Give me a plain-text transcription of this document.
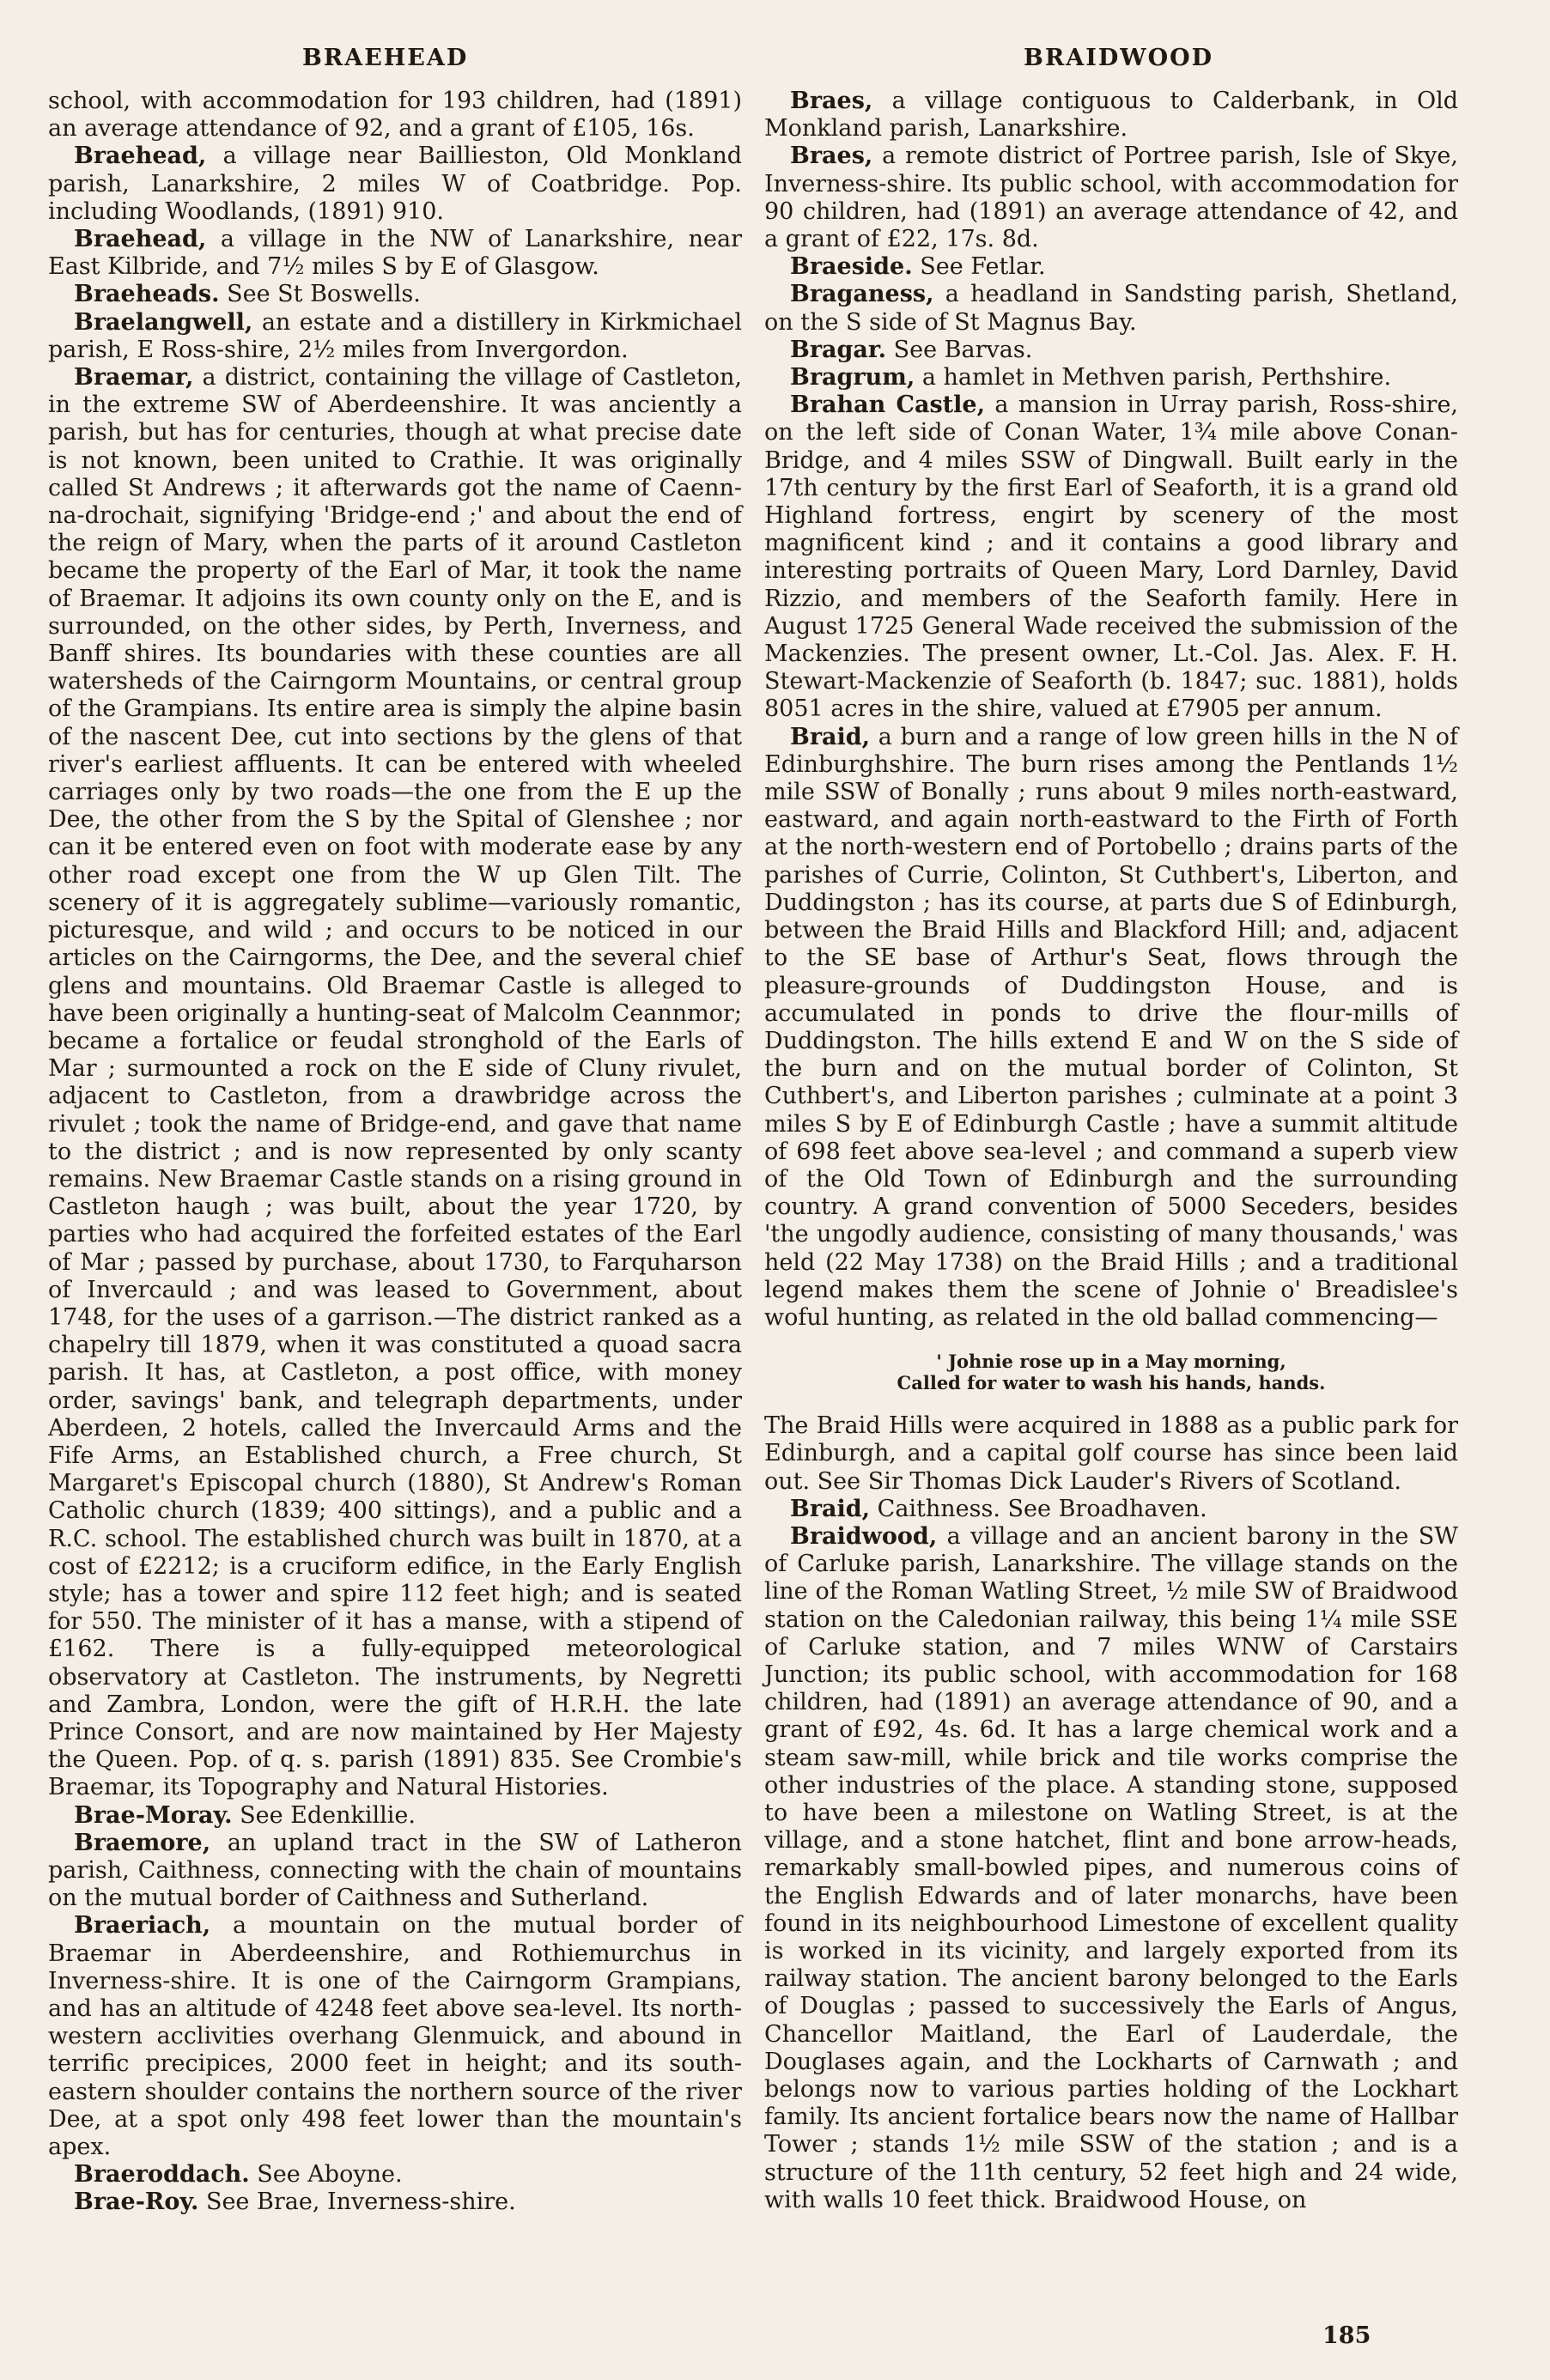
BRAEHEAD	BRAIDWOOD

school, with accommodation for 193 children, had (1891) an average attendance of 92, and a grant of £105, 16s.

Braehead, a village near Baillieston, Old Monkland parish, Lanarkshire, 2 miles W of Coatbridge. Pop. including Woodlands, (1891) 910.

Braehead, a village in the NW of Lanarkshire, near East Kilbride, and 7½ miles S by E of Glasgow.

Braeheads. See St Boswells.

Braelangwell, an estate and a distillery in Kirkmichael parish, E Ross-shire, 2½ miles from Invergordon.

Braemar, a district, containing the village of Castleton, in the extreme SW of Aberdeenshire. It was anciently a parish, but has for centuries, though at what precise date is not known, been united to Crathie. It was originally called St Andrews ; it afterwards got the name of Caenn-na-drochait, signifying 'Bridge-end ;' and about the end of the reign of Mary, when the parts of it around Castleton became the property of the Earl of Mar, it took the name of Braemar. It adjoins its own county only on the E, and is surrounded, on the other sides, by Perth, Inverness, and Banff shires. Its boundaries with these counties are all watersheds of the Cairngorm Mountains, or central group of the Grampians. Its entire area is simply the alpine basin of the nascent Dee, cut into sections by the glens of that river's earliest affluents. It can be entered with wheeled carriages only by two roads—the one from the E up the Dee, the other from the S by the Spital of Glenshee ; nor can it be entered even on foot with moderate ease by any other road except one from the W up Glen Tilt. The scenery of it is aggregately sublime—variously romantic, picturesque, and wild ; and occurs to be noticed in our articles on the Cairngorms, the Dee, and the several chief glens and mountains. Old Braemar Castle is alleged to have been originally a hunting-seat of Malcolm Ceannmor; became a fortalice or feudal stronghold of the Earls of Mar ; surmounted a rock on the E side of Cluny rivulet, adjacent to Castleton, from a drawbridge across the rivulet ; took the name of Bridge-end, and gave that name to the district ; and is now represented by only scanty remains. New Braemar Castle stands on a rising ground in Castleton haugh ; was built, about the year 1720, by parties who had acquired the forfeited estates of the Earl of Mar ; passed by purchase, about 1730, to Farquharson of Invercauld ; and was leased to Government, about 1748, for the uses of a garrison.—The district ranked as a chapelry till 1879, when it was constituted a quoad sacra parish. It has, at Castleton, a post office, with money order, savings' bank, and telegraph departments, under Aberdeen, 2 hotels, called the Invercauld Arms and the Fife Arms, an Established church, a Free church, St Margaret's Episcopal church (1880), St Andrew's Roman Catholic church (1839; 400 sittings), and a public and a R.C. school. The established church was built in 1870, at a cost of £2212; is a cruciform edifice, in the Early English style; has a tower and spire 112 feet high; and is seated for 550. The minister of it has a manse, with a stipend of £162. There is a fully-equipped meteorological observatory at Castleton. The instruments, by Negretti and Zambra, London, were the gift of H.R.H. the late Prince Consort, and are now maintained by Her Majesty the Queen. Pop. of q. s. parish (1891) 835. See Crombie's Braemar, its Topography and Natural Histories.

Brae-Moray. See Edenkillie.

Braemore, an upland tract in the SW of Latheron parish, Caithness, connecting with the chain of mountains on the mutual border of Caithness and Sutherland.

Braeriach, a mountain on the mutual border of Braemar in Aberdeenshire, and Rothiemurchus in Inverness-shire. It is one of the Cairngorm Grampians, and has an altitude of 4248 feet above sea-level. Its north-western acclivities overhang Glenmuick, and abound in terrific precipices, 2000 feet in height; and its south-eastern shoulder contains the northern source of the river Dee, at a spot only 498 feet lower than the mountain's apex.

Braeroddach. See Aboyne.

Brae-Roy. See Brae, Inverness-shire.

Braes, a village contiguous to Calderbank, in Old Monkland parish, Lanarkshire.

Braes, a remote district of Portree parish, Isle of Skye, Inverness-shire. Its public school, with accommodation for 90 children, had (1891) an average attendance of 42, and a grant of £22, 17s. 8d.

Braeside. See Fetlar.

Braganess, a headland in Sandsting parish, Shetland, on the S side of St Magnus Bay.

Bragar. See Barvas.

Bragrum, a hamlet in Methven parish, Perthshire.

Brahan Castle, a mansion in Urray parish, Ross-shire, on the left side of Conan Water, 1¾ mile above Conan-Bridge, and 4 miles SSW of Dingwall. Built early in the 17th century by the first Earl of Seaforth, it is a grand old Highland fortress, engirt by scenery of the most magnificent kind ; and it contains a good library and interesting portraits of Queen Mary, Lord Darnley, David Rizzio, and members of the Seaforth family. Here in August 1725 General Wade received the submission of the Mackenzies. The present owner, Lt.-Col. Jas. Alex. F. H. Stewart-Mackenzie of Seaforth (b. 1847; suc. 1881), holds 8051 acres in the shire, valued at £7905 per annum.

Braid, a burn and a range of low green hills in the N of Edinburghshire. The burn rises among the Pentlands 1½ mile SSW of Bonally ; runs about 9 miles north-eastward, eastward, and again north-eastward to the Firth of Forth at the north-western end of Portobello ; drains parts of the parishes of Currie, Colinton, St Cuthbert's, Liberton, and Duddingston ; has its course, at parts due S of Edinburgh, between the Braid Hills and Blackford Hill; and, adjacent to the SE base of Arthur's Seat, flows through the pleasure-grounds of Duddingston House, and is accumulated in ponds to drive the flour-mills of Duddingston. The hills extend E and W on the S side of the burn and on the mutual border of Colinton, St Cuthbert's, and Liberton parishes ; culminate at a point 3 miles S by E of Edinburgh Castle ; have a summit altitude of 698 feet above sea-level ; and command a superb view of the Old Town of Edinburgh and the surrounding country. A grand convention of 5000 Seceders, besides 'the ungodly audience, consisting of many thousands,' was held (22 May 1738) on the Braid Hills ; and a traditional legend makes them the scene of Johnie o' Breadislee's woful hunting, as related in the old ballad commencing—

' Johnie rose up in a May morning,
Called for water to wash his hands, hands.

The Braid Hills were acquired in 1888 as a public park for Edinburgh, and a capital golf course has since been laid out. See Sir Thomas Dick Lauder's Rivers of Scotland.

Braid, Caithness. See Broadhaven.

Braidwood, a village and an ancient barony in the SW of Carluke parish, Lanarkshire. The village stands on the line of the Roman Watling Street, ½ mile SW of Braidwood station on the Caledonian railway, this being 1¼ mile SSE of Carluke station, and 7 miles WNW of Carstairs Junction; its public school, with accommodation for 168 children, had (1891) an average attendance of 90, and a grant of £92, 4s. 6d. It has a large chemical work and a steam saw-mill, while brick and tile works comprise the other industries of the place. A standing stone, supposed to have been a milestone on Watling Street, is at the village, and a stone hatchet, flint and bone arrow-heads, remarkably small-bowled pipes, and numerous coins of the English Edwards and of later monarchs, have been found in its neighbourhood Limestone of excellent quality is worked in its vicinity, and largely exported from its railway station. The ancient barony belonged to the Earls of Douglas ; passed to successively the Earls of Angus, Chancellor Maitland, the Earl of Lauderdale, the Douglases again, and the Lockharts of Carnwath ; and belongs now to various parties holding of the Lockhart family. Its ancient fortalice bears now the name of Hallbar Tower ; stands 1½ mile SSW of the station ; and is a structure of the 11th century, 52 feet high and 24 wide, with walls 10 feet thick. Braidwood House, on

185
